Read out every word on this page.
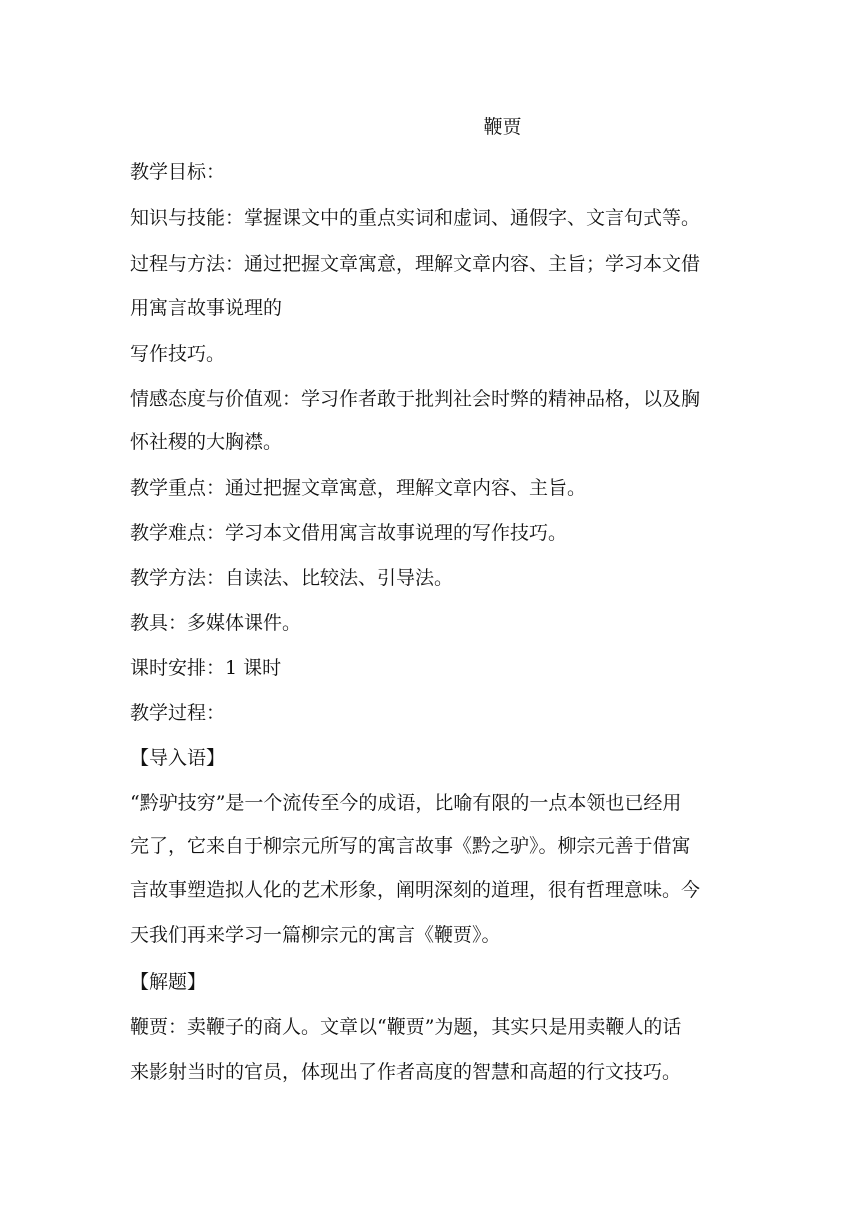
鞭贾
教学目标：
知识与技能：掌握课文中的重点实词和虚词、通假字、文言句式等。
过程与方法：通过把握文章寓意，理解文章内容、主旨；学习本文借
用寓言故事说理的
写作技巧。
情感态度与价值观：学习作者敢于批判社会时弊的精神品格，以及胸
怀社稷的大胸襟。
教学重点：通过把握文章寓意，理解文章内容、主旨。
教学难点：学习本文借用寓言故事说理的写作技巧。
教学方法：自读法、比较法、引导法。
教具：多媒体课件。
课时安排：1 课时
教学过程：
【导入语】
“黔驴技穷”是一个流传至今的成语，比喻有限的一点本领也已经用
完了，它来自于柳宗元所写的寓言故事《黔之驴》。柳宗元善于借寓
言故事塑造拟人化的艺术形象，阐明深刻的道理，很有哲理意味。今
天我们再来学习一篇柳宗元的寓言《鞭贾》。
【解题】
鞭贾：卖鞭子的商人。文章以“鞭贾”为题，其实只是用卖鞭人的话
来影射当时的官员，体现出了作者高度的智慧和高超的行文技巧。
